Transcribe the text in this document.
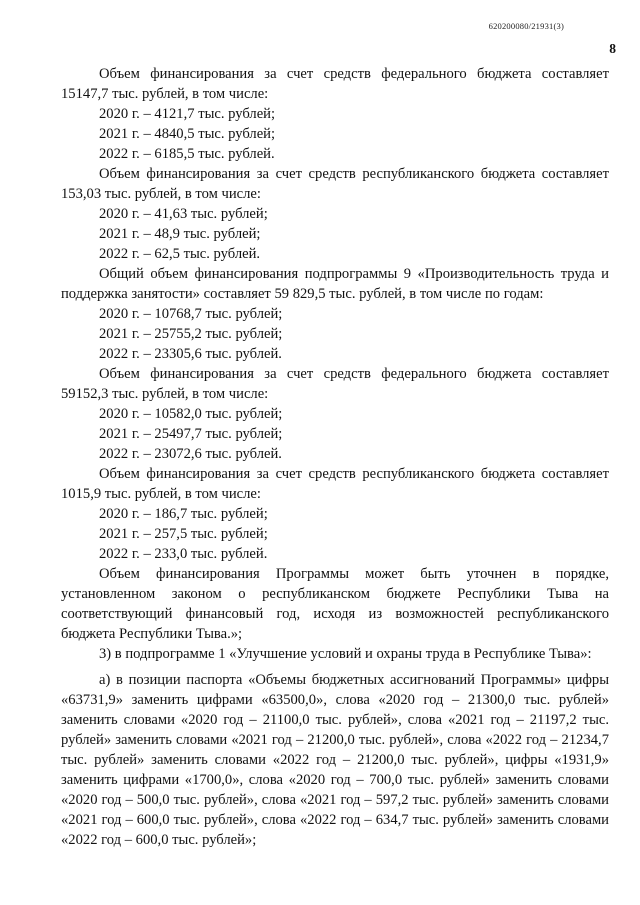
620200080/21931(3)
8

Объем финансирования за счет средств федерального бюджета составляет 15147,7 тыс. рублей, в том числе:

2020 г. – 4121,7 тыс. рублей;

2021 г. – 4840,5 тыс. рублей;

2022 г. – 6185,5 тыс. рублей.

Объем финансирования за счет средств республиканского бюджета составляет 153,03 тыс. рублей, в том числе:

2020 г. – 41,63 тыс. рублей;

2021 г. – 48,9 тыс. рублей;

2022 г. – 62,5 тыс. рублей.

Общий объем финансирования подпрограммы 9 «Производительность труда и поддержка занятости» составляет 59 829,5 тыс. рублей, в том числе по годам:

2020 г. – 10768,7 тыс. рублей;

2021 г. – 25755,2 тыс. рублей;

2022 г. – 23305,6 тыс. рублей.

Объем финансирования за счет средств федерального бюджета составляет 59152,3 тыс. рублей, в том числе:

2020 г. – 10582,0 тыс. рублей;

2021 г. – 25497,7 тыс. рублей;

2022 г. – 23072,6 тыс. рублей.

Объем финансирования за счет средств республиканского бюджета составляет 1015,9 тыс. рублей, в том числе:

2020 г. – 186,7 тыс. рублей;

2021 г. – 257,5 тыс. рублей;

2022 г. – 233,0 тыс. рублей.

Объем финансирования Программы может быть уточнен в порядке, установленном законом о республиканском бюджете Республики Тыва на соответствующий финансовый год, исходя из возможностей республиканского бюджета Республики Тыва.»;

3) в подпрограмме 1 «Улучшение условий и охраны труда в Республике Тыва»:

а) в позиции паспорта «Объемы бюджетных ассигнований Программы» цифры «63731,9» заменить цифрами «63500,0», слова «2020 год – 21300,0 тыс. рублей» заменить словами «2020 год – 21100,0 тыс. рублей», слова «2021 год – 21197,2 тыс. рублей» заменить словами «2021 год – 21200,0 тыс. рублей», слова «2022 год – 21234,7 тыс. рублей» заменить словами «2022 год – 21200,0 тыс. рублей», цифры «1931,9» заменить цифрами «1700,0», слова «2020 год – 700,0 тыс. рублей» заменить словами «2020 год – 500,0 тыс. рублей», слова «2021 год – 597,2 тыс. рублей» заменить словами «2021 год – 600,0 тыс. рублей», слова «2022 год – 634,7 тыс. рублей» заменить словами «2022 год – 600,0 тыс. рублей»;
